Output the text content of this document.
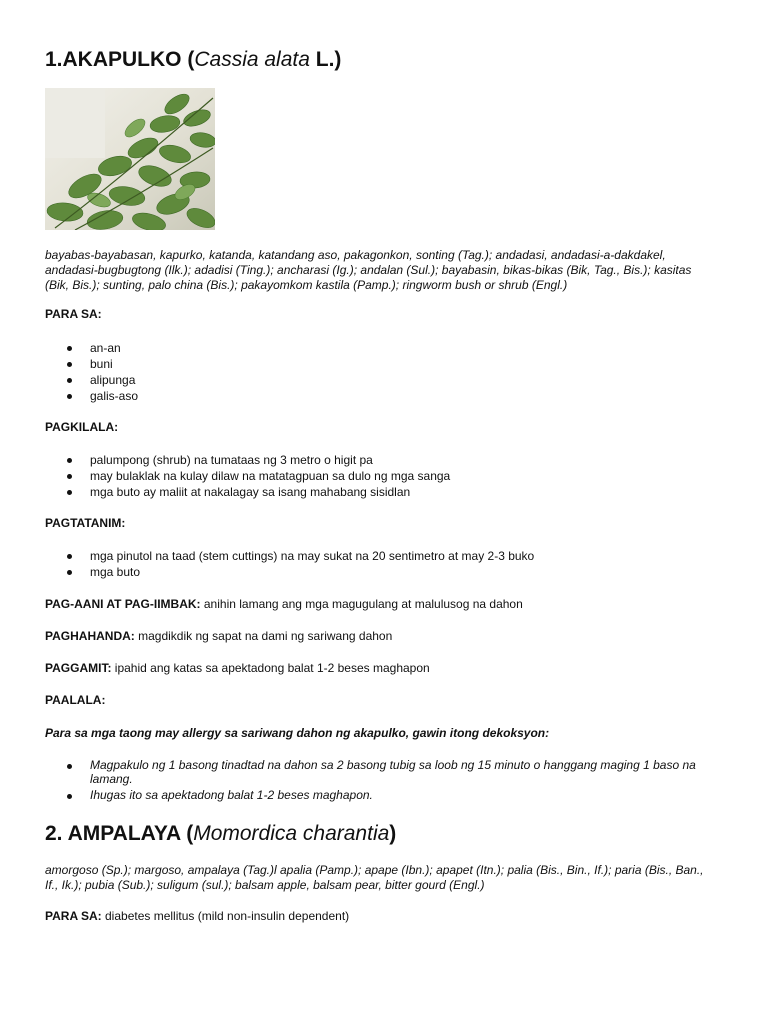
1.AKAPULKO (Cassia alata L.)

bayabas-bayabasan, kapurko, katanda, katandang aso, pakagonkon, sonting (Tag.); andadasi, andadasi-a-dakdakel, andadasi-bugbugtong (Ilk.); adadisi (Ting.); ancharasi (Ig.); andalan (Sul.); bayabasin, bikas-bikas (Bik, Tag., Bis.); kasitas (Bik, Bis.); sunting, palo china (Bis.); pakayomkom kastila (Pamp.); ringworm bush or shrub (Engl.)

PARA SA:

an-an
buni
alipunga
galis-aso

PAGKILALA:

palumpong (shrub) na tumataas ng 3 metro o higit pa
may bulaklak na kulay dilaw na matatagpuan sa dulo ng mga sanga
mga buto ay maliit at nakalagay sa isang mahabang sisidlan

PAGTATANIM:

mga pinutol na taad (stem cuttings) na may sukat na 20 sentimetro at may 2-3 buko
mga buto

PAG-AANI AT PAG-IIMBAK: anihin lamang ang mga magugulang at malulusog na dahon

PAGHAHANDA: magdikdik ng sapat na dami ng sariwang dahon

PAGGAMIT: ipahid ang katas sa apektadong balat 1-2 beses maghapon

PAALALA:

Para sa mga taong may allergy sa sariwang dahon ng akapulko, gawin itong dekoksyon:

Magpakulo ng 1 basong tinadtad na dahon sa 2 basong tubig sa loob ng 15 minuto o hanggang maging 1 baso na lamang.
Ihugas ito sa apektadong balat 1-2 beses maghapon.
2. AMPALAYA (Momordica charantia)

amorgoso (Sp.); margoso, ampalaya (Tag.)l apalia (Pamp.); apape (Ibn.); apapet (Itn.); palia (Bis., Bin., If.); paria (Bis., Ban., If., Ik.); pubia (Sub.); suligum (sul.); balsam apple, balsam pear, bitter gourd (Engl.)

PARA SA: diabetes mellitus (mild non-insulin dependent)
